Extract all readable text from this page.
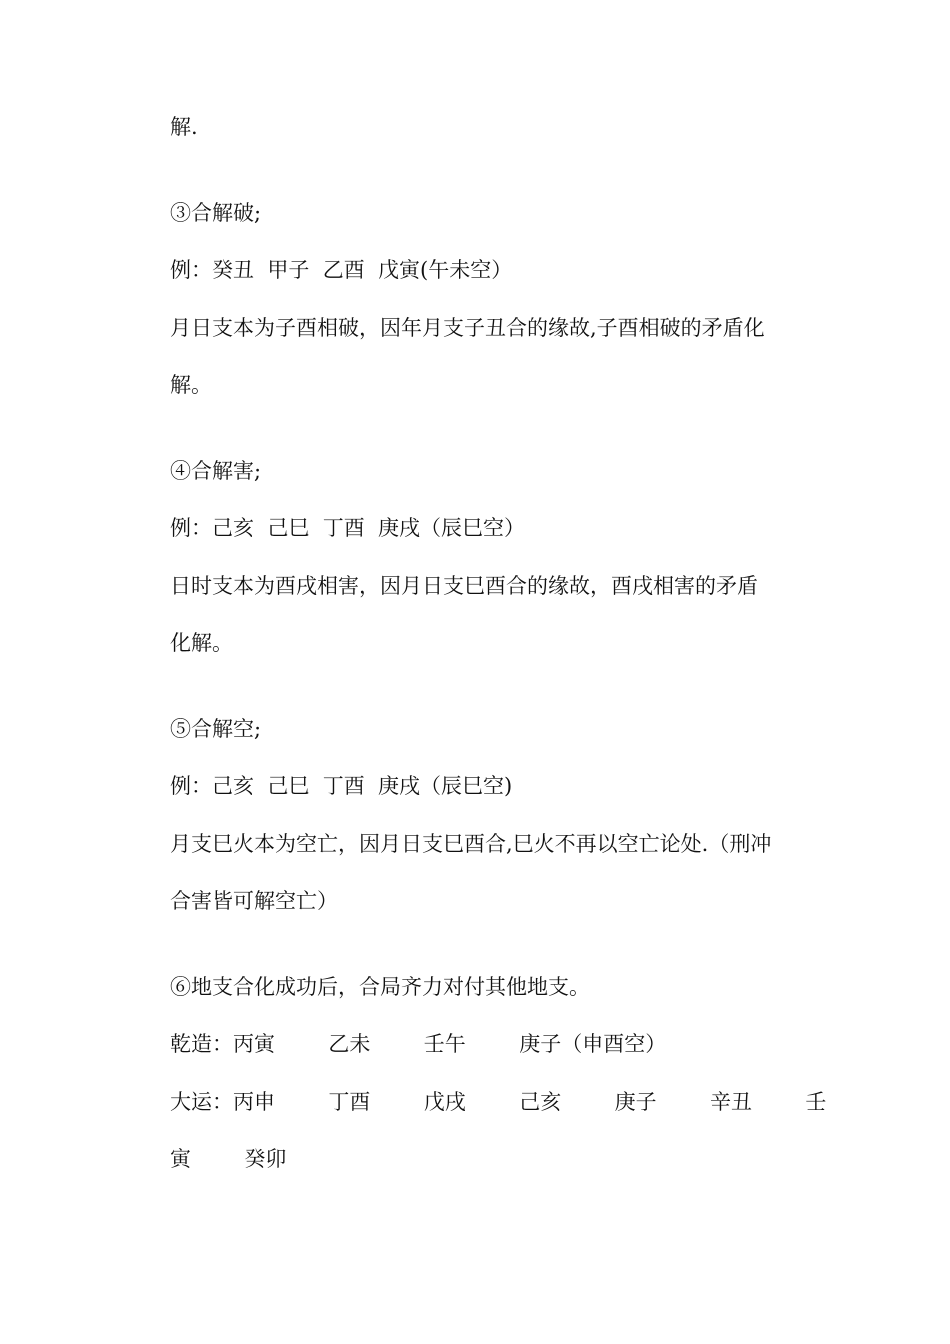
解.
③合解破;
例：癸丑  甲子  乙酉  戊寅(午未空）
月日支本为子酉相破，因年月支子丑合的缘故,子酉相破的矛盾化
解。
④合解害;
例：己亥  己巳  丁酉  庚戌（辰巳空）
日时支本为酉戌相害，因月日支巳酉合的缘故，酉戌相害的矛盾
化解。
⑤合解空;
例：己亥  己巳  丁酉  庚戌（辰巳空)
月支巳火本为空亡，因月日支巳酉合,巳火不再以空亡论处.（刑冲
合害皆可解空亡）
⑥地支合化成功后，合局齐力对付其他地支。
乾造：丙寅        乙未        壬午        庚子（申酉空）
大运：丙申        丁酉        戊戌        己亥        庚子        辛丑        壬
寅        癸卯
